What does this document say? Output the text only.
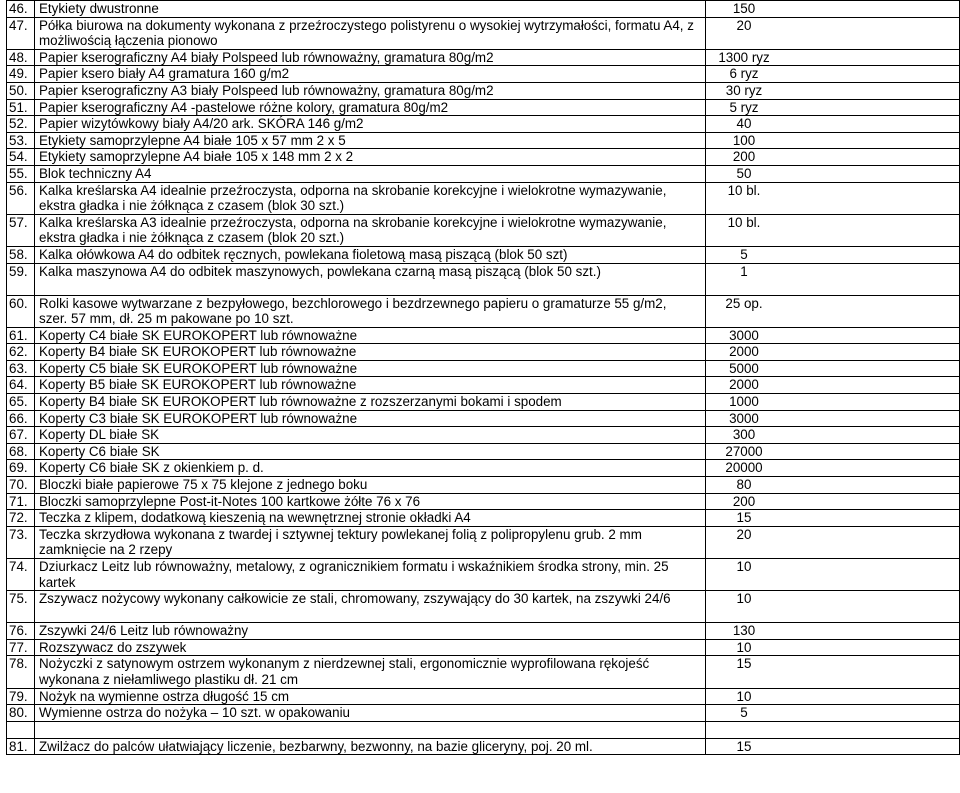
46.	Etykiety dwustronne	150

47.	Półka biurowa na dokumenty wykonana z przeźroczystego polistyrenu o wysokiej wytrzymałości, formatu A4, z możliwością łączenia pionowo	20

48.	Papier kserograficzny A4 biały Polspeed lub równoważny, gramatura 80g/m2	1300 ryz

49.	Papier ksero biały A4 gramatura 160 g/m2	6 ryz

50.	Papier kserograficzny A3 biały Polspeed lub równoważny, gramatura 80g/m2	30 ryz

51.	Papier kserograficzny A4 -pastelowe różne kolory, gramatura 80g/m2	5 ryz

52.	Papier wizytówkowy biały A4/20 ark. SKÓRA 146 g/m2	40

53.	Etykiety samoprzylepne A4 białe 105 x 57 mm 2 x 5	100

54.	Etykiety samoprzylepne A4 białe 105 x 148 mm 2 x 2	200

55.	Blok techniczny A4	50

56.	Kalka kreślarska A4 idealnie przeźroczysta, odporna na skrobanie korekcyjne i wielokrotne wymazywanie, ekstra gładka i nie żółknąca z czasem (blok 30 szt.)	10 bl.

57.	Kalka kreślarska A3 idealnie przeźroczysta, odporna na skrobanie korekcyjne i wielokrotne wymazywanie, ekstra gładka i nie żółknąca z czasem (blok 20 szt.)	10 bl.

58.	Kalka ołówkowa A4 do odbitek ręcznych, powlekana fioletową masą piszącą (blok 50 szt)	5

59.	Kalka maszynowa A4 do odbitek maszynowych, powlekana czarną masą piszącą (blok 50 szt.)	1

60.	Rolki kasowe wytwarzane z bezpyłowego, bezchlorowego i bezdrzewnego papieru o gramaturze 55 g/m2, szer. 57 mm, dł. 25 m pakowane po 10 szt.	25 op.

61.	Koperty C4 białe SK EUROKOPERT lub równoważne	3000

62.	Koperty B4 białe SK EUROKOPERT lub równoważne	2000

63.	Koperty C5 białe SK EUROKOPERT lub równoważne	5000

64.	Koperty B5 białe SK EUROKOPERT lub równoważne	2000

65.	Koperty B4 białe SK EUROKOPERT lub równoważne z rozszerzanymi bokami i spodem	1000

66.	Koperty C3 białe SK EUROKOPERT lub równoważne	3000

67.	Koperty DL białe SK	300

68.	Koperty C6 białe SK	27000

69.	Koperty C6 białe SK z okienkiem p. d.	20000

70.	Bloczki białe papierowe 75 x 75 klejone z jednego boku	80

71.	Bloczki samoprzylepne Post-it-Notes 100 kartkowe żółte 76 x 76	200

72.	Teczka z klipem, dodatkową kieszenią na wewnętrznej stronie okładki A4	15

73.	Teczka skrzydłowa wykonana z twardej i sztywnej tektury powlekanej folią z polipropylenu grub. 2 mm zamknięcie na 2 rzepy	20

74.	Dziurkacz Leitz lub równoważny, metalowy, z ogranicznikiem formatu i wskaźnikiem środka strony, min. 25 kartek	10

75.	Zszywacz nożycowy wykonany całkowicie ze stali, chromowany, zszywający do 30 kartek, na zszywki 24/6	10

76.	Zszywki 24/6 Leitz lub równoważny	130

77.	Rozszywacz do zszywek	10

78.	Nożyczki z satynowym ostrzem wykonanym z nierdzewnej stali, ergonomicznie wyprofilowana rękojeść wykonana z niełamliwego plastiku dł. 21 cm	15

79.	Nożyk na wymienne ostrza długość 15 cm	10

80.	Wymienne ostrza do nożyka – 10 szt. w opakowaniu	5

81.	Zwilżacz do palców ułatwiający liczenie, bezbarwny, bezwonny, na bazie gliceryny, poj. 20 ml.	15
